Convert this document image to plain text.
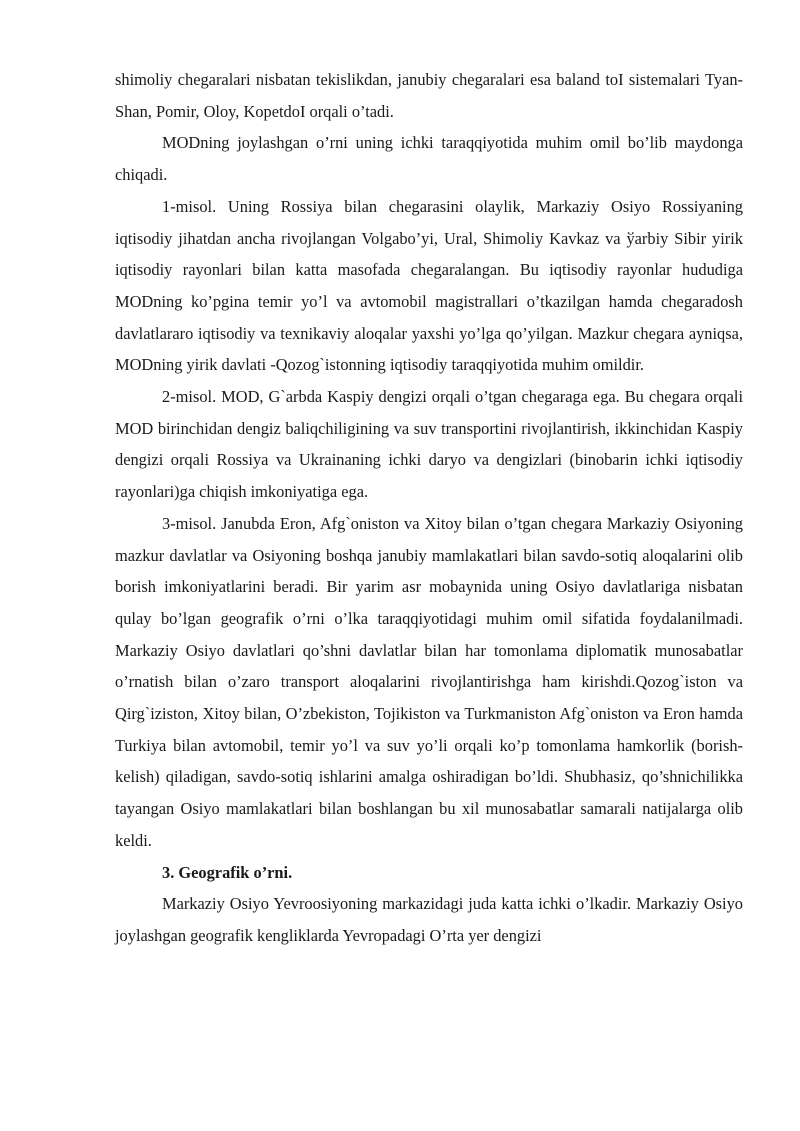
shimoliy chegaralari nisbatan tekislikdan, janubiy chegaralari esa baland toI sistemalari Tyan-Shan, Pomir, Oloy, KopetdoI orqali o’tadi.

MODning joylashgan o’rni uning ichki taraqqiyotida muhim omil bo’lib maydonga chiqadi.

1-misol. Uning Rossiya bilan chegarasini olaylik, Markaziy Osiyo Rossiyaning iqtisodiy jihatdan ancha rivojlangan Volgabo’yi, Ural, Shimoliy Kavkaz va ўarbiy Sibir yirik iqtisodiy rayonlari bilan katta masofada chegaralangan. Bu iqtisodiy rayonlar hududiga MODning ko’pgina temir yo’l va avtomobil magistrallari o’tkazilgan hamda chegaradosh davlatlararo iqtisodiy va texnikaviy aloqalar yaxshi yo’lga qo’yilgan. Mazkur chegara ayniqsa, MODning yirik davlati -Qozog`istonning iqtisodiy taraqqiyotida muhim omildir.

2-misol. MOD, G`arbda Kaspiy dengizi orqali o’tgan chegaraga ega. Bu chegara orqali MOD birinchidan dengiz baliqchiligining va suv transportini rivojlantirish, ikkinchidan Kaspiy dengizi orqali Rossiya va Ukrainaning ichki daryo va dengizlari (binobarin ichki iqtisodiy rayonlari)ga chiqish imkoniyatiga ega.

3-misol. Janubda Eron, Afg`oniston va Xitoy bilan o’tgan chegara Markaziy Osiyoning mazkur davlatlar va Osiyoning boshqa janubiy mamlakatlari bilan savdo-sotiq aloqalarini olib borish imkoniyatlarini beradi. Bir yarim asr mobaynida uning Osiyo davlatlariga nisbatan qulay bo’lgan geografik o’rni o’lka taraqqiyotidagi muhim omil sifatida foydalanilmadi. Markaziy Osiyo davlatlari qo’shni davlatlar bilan har tomonlama diplomatik munosabatlar o’rnatish bilan o’zaro transport aloqalarini rivojlantirishga ham kirishdi.Qozog`iston va Qirg`iziston, Xitoy bilan, O’zbekiston, Tojikiston va Turkmaniston Afg`oniston va Eron hamda Turkiya bilan avtomobil, temir yo’l va suv yo’li orqali ko’p tomonlama hamkorlik (borish-kelish) qiladigan, savdo-sotiq ishlarini amalga oshiradigan bo’ldi. Shubhasiz, qo’shnichilikka tayangan Osiyo mamlakatlari bilan boshlangan bu xil munosabatlar samarali natijalarga olib keldi.

3. Geografik o’rni.

Markaziy Osiyo Yevroosiyoning markazidagi juda katta ichki o’lkadir. Markaziy Osiyo joylashgan geografik kengliklarda Yevropadagi O’rta yer dengizi
